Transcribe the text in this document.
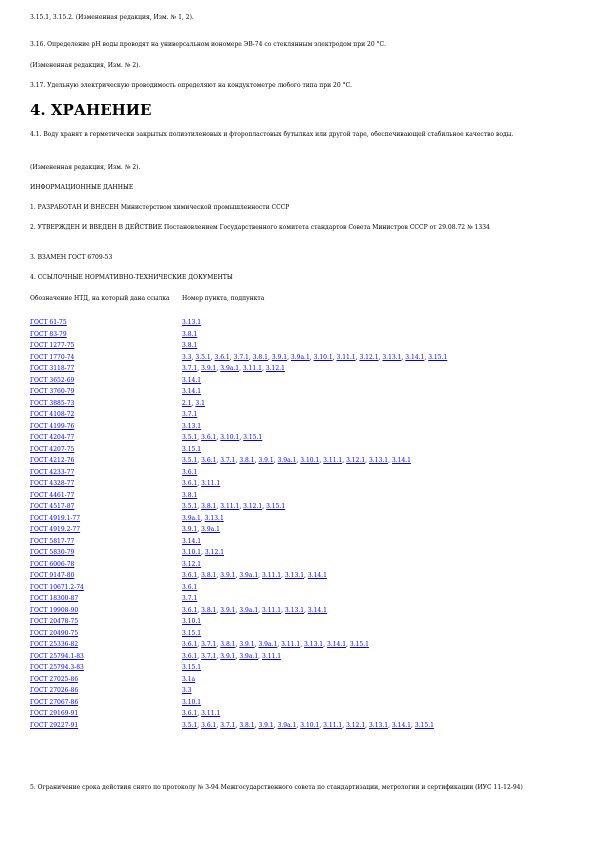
3.15.1, 3.15.2. (Измененная редакция, Изм. № 1, 2).

3.16. Определение pH воды проводят на универсальном иономере ЭВ-74 со стеклянным электродом при 20 °С.

(Измененная редакция, Изм. № 2).

3.17. Удельную электрическую проводимость определяют на кондуктометре любого типа при 20 °С.

4. ХРАНЕНИЕ

4.1. Воду хранят в герметически закрытых полиэтиленовых и фторопластовых бутылках или другой таре, обеспечивающей стабильное качество воды.

(Измененная редакция, Изм. № 2).

ИНФОРМАЦИОННЫЕ ДАННЫЕ

1. РАЗРАБОТАН И ВНЕСЕН Министерством химической промышленности СССР

2. УТВЕРЖДЕН И ВВЕДЕН В ДЕЙСТВИЕ Постановлением Государственного комитета стандартов Совета Министров СССР от 29.08.72 № 1334

3. ВЗАМЕН ГОСТ 6709-53

4. ССЫЛОЧНЫЕ НОРМАТИВНО-ТЕХНИЧЕСКИЕ ДОКУМЕНТЫ

Обозначение НТД, на который дана ссылка	Номер пункта, подпункта
ГОСТ 61-75	3.13.1
ГОСТ 83-79	3.8.1
ГОСТ 1277-75	3.8.1
ГОСТ 1770-74	3.3, 3.5.1, 3.6.1, 3.7.1, 3.8.1, 3.9.1, 3.9а.1, 3.10.1, 3.11.1, 3.12.1, 3.13.1, 3.14.1, 3.15.1
ГОСТ 3118-77	3.7.1, 3.9.1, 3.9а.1, 3.11.1, 3.12.1
ГОСТ 3652-69	3.14.1
ГОСТ 3760-79	3.14.1
ГОСТ 3885-73	2.1, 3.1
ГОСТ 4108-72	3.7.1
ГОСТ 4199-76	3.13.1
ГОСТ 4204-77	3.5.1, 3.6.1, 3.10.1, 3.15.1
ГОСТ 4207-75	3.15.1
ГОСТ 4212-76	3.5.1, 3.6.1, 3.7.1, 3.8.1, 3.9.1, 3.9а.1, 3.10.1, 3.11.1, 3.12.1, 3.13.1, 3.14.1
ГОСТ 4233-77	3.6.1
ГОСТ 4328-77	3.6.1, 3.11.1
ГОСТ 4461-77	3.8.1
ГОСТ 4517-87	3.5.1, 3.8.1, 3.11.1, 3.12.1, 3.15.1
ГОСТ 4919.1-77	3.9а.1, 3.13.1
ГОСТ 4919.2-77	3.9.1, 3.9а.1
ГОСТ 5817-77	3.14.1
ГОСТ 5830-79	3.10.1, 3.12.1
ГОСТ 6006-78	3.12.1
ГОСТ 9147-80	3.6.1, 3.8.1, 3.9.1, 3.9а.1, 3.11.1, 3.13.1, 3.14.1
ГОСТ 10671.2-74	3.6.1
ГОСТ 18300-87	3.7.1
ГОСТ 19908-90	3.6.1, 3.8.1, 3.9.1, 3.9а.1, 3.11.1, 3.13.1, 3.14.1
ГОСТ 20478-75	3.10.1
ГОСТ 20490-75	3.15.1
ГОСТ 25336-82	3.6.1, 3.7.1, 3.8.1, 3.9.1, 3.9а.1, 3.11.1, 3.13.1, 3.14.1, 3.15.1
ГОСТ 25794.1-83	3.6.1, 3.7.1, 3.9.1, 3.9а.1, 3.11.1
ГОСТ 25794.3-83	3.15.1
ГОСТ 27025-86	3.1а
ГОСТ 27026-86	3.3
ГОСТ 27067-86	3.10.1
ГОСТ 29169-91	3.6.1, 3.11.1
ГОСТ 29227-91	3.5.1, 3.6.1, 3.7.1, 3.8.1, 3.9.1, 3.9а.1, 3.10.1, 3.11.1, 3.12.1, 3.13.1, 3.14.1, 3.15.1

5. Ограничение срока действия снято по протоколу № 3-94 Межгосударственного совета по стандартизации, метрологии и сертификации (ИУС 11-12-94)
